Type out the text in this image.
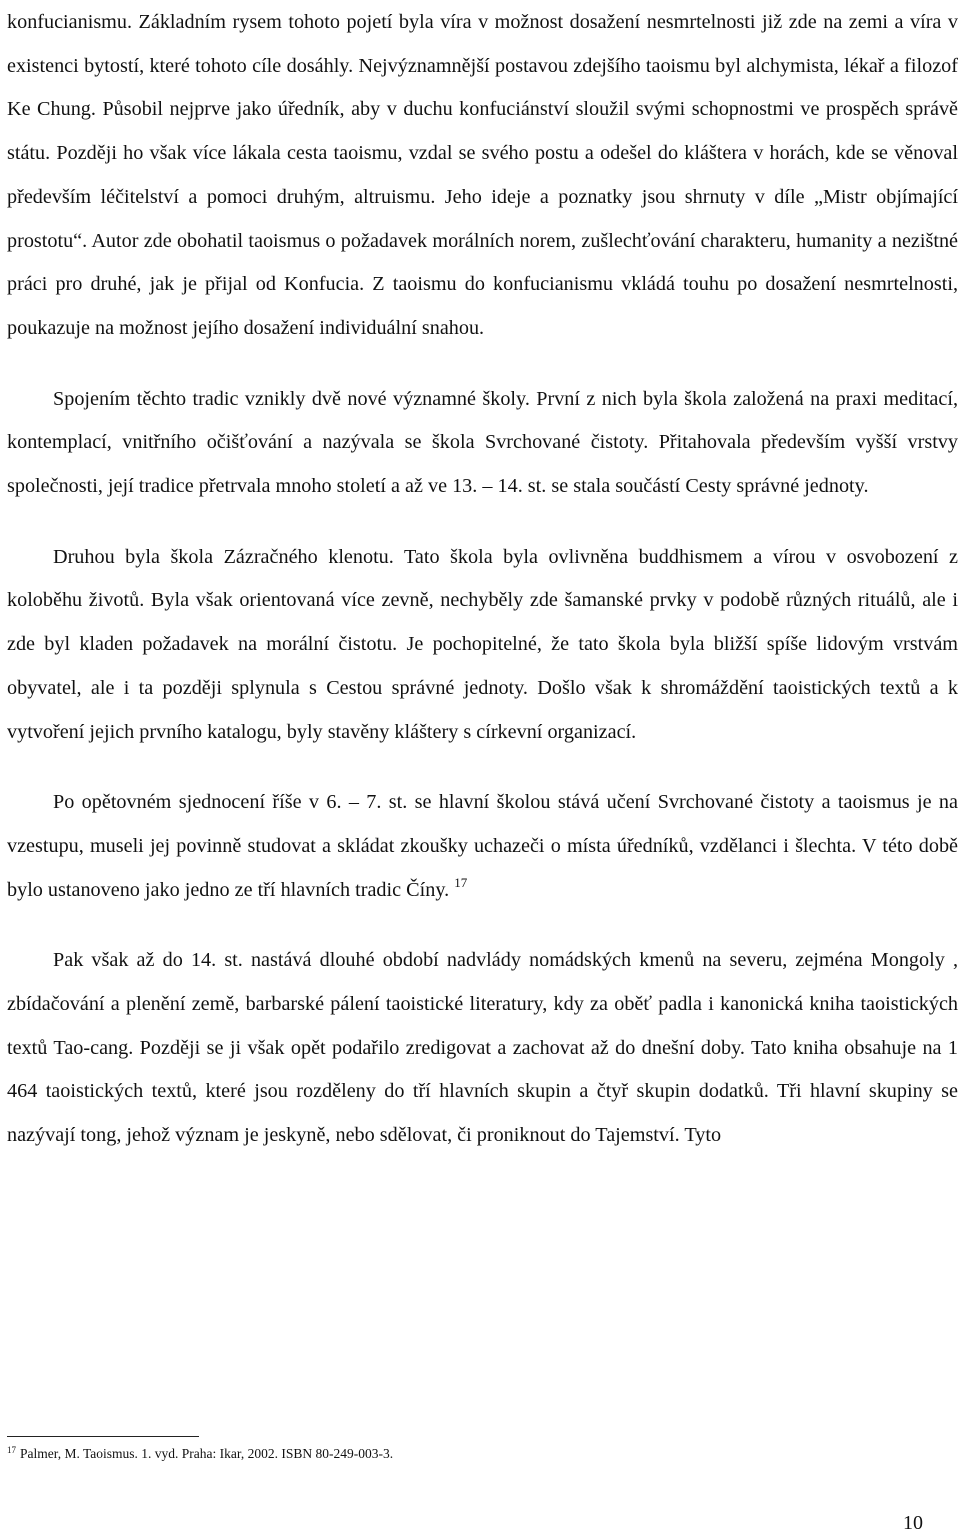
konfucianismu. Základním rysem tohoto pojetí byla víra v možnost dosažení nesmrtelnosti již zde na zemi a víra v existenci bytostí, které tohoto cíle dosáhly. Nejvýznamnější postavou zdejšího taoismu byl alchymista, lékař a filozof Ke Chung. Působil nejprve jako úředník, aby v duchu konfuciánství sloužil svými schopnostmi ve prospěch správě státu. Později ho však více lákala cesta taoismu, vzdal se svého postu a odešel do kláštera v horách, kde se věnoval především léčitelství a pomoci druhým, altruismu. Jeho ideje a poznatky jsou shrnuty v díle „Mistr objímající prostotu“. Autor zde obohatil taoismus o požadavek morálních norem, zušlechťování charakteru, humanity a nezištné práci pro druhé, jak je přijal od Konfucia. Z taoismu do konfucianismu vkládá touhu po dosažení nesmrtelnosti, poukazuje na možnost jejího dosažení individuální snahou.

Spojením těchto tradic vznikly dvě nové významné školy. První z nich byla škola založená na praxi meditací, kontemplací, vnitřního očišťování a nazývala se škola Svrchované čistoty. Přitahovala především vyšší vrstvy společnosti, její tradice přetrvala mnoho století a až ve 13. – 14. st. se stala součástí Cesty správné jednoty.

Druhou byla škola Zázračného klenotu. Tato škola byla ovlivněna buddhismem a vírou v osvobození z koloběhu životů. Byla však orientovaná více zevně, nechyběly zde šamanské prvky v podobě různých rituálů, ale i zde byl kladen požadavek na morální čistotu. Je pochopitelné, že tato škola byla bližší spíše lidovým vrstvám obyvatel, ale i ta později splynula s Cestou správné jednoty. Došlo však k shromáždění taoistických textů a k vytvoření jejich prvního katalogu, byly stavěny kláštery s církevní organizací.

Po opětovném sjednocení říše v 6. – 7. st. se hlavní školou stává učení Svrchované čistoty a taoismus je na vzestupu, museli jej povinně studovat a skládat zkoušky uchazeči o místa úředníků, vzdělanci i šlechta. V této době bylo ustanoveno jako jedno ze tří hlavních tradic Číny. $^{17}$

Pak však až do 14. st. nastává dlouhé období nadvlády nomádských kmenů na severu, zejména Mongoly , zbídačování a plenění země, barbarské pálení taoistické literatury, kdy za oběť padla i kanonická kniha taoistických textů Tao-cang. Později se ji však opět podařilo zredigovat a zachovat až do dnešní doby. Tato kniha obsahuje na 1 464 taoistických textů, které jsou rozděleny do tří hlavních skupin a čtyř skupin dodatků. Tři hlavní skupiny se nazývají tong, jehož význam je jeskyně, nebo sdělovat, či proniknout do Tajemství. Tyto

$^{17}$ Palmer, M. Taoismus. 1. vyd. Praha: Ikar, 2002. ISBN 80-249-003-3.
10
